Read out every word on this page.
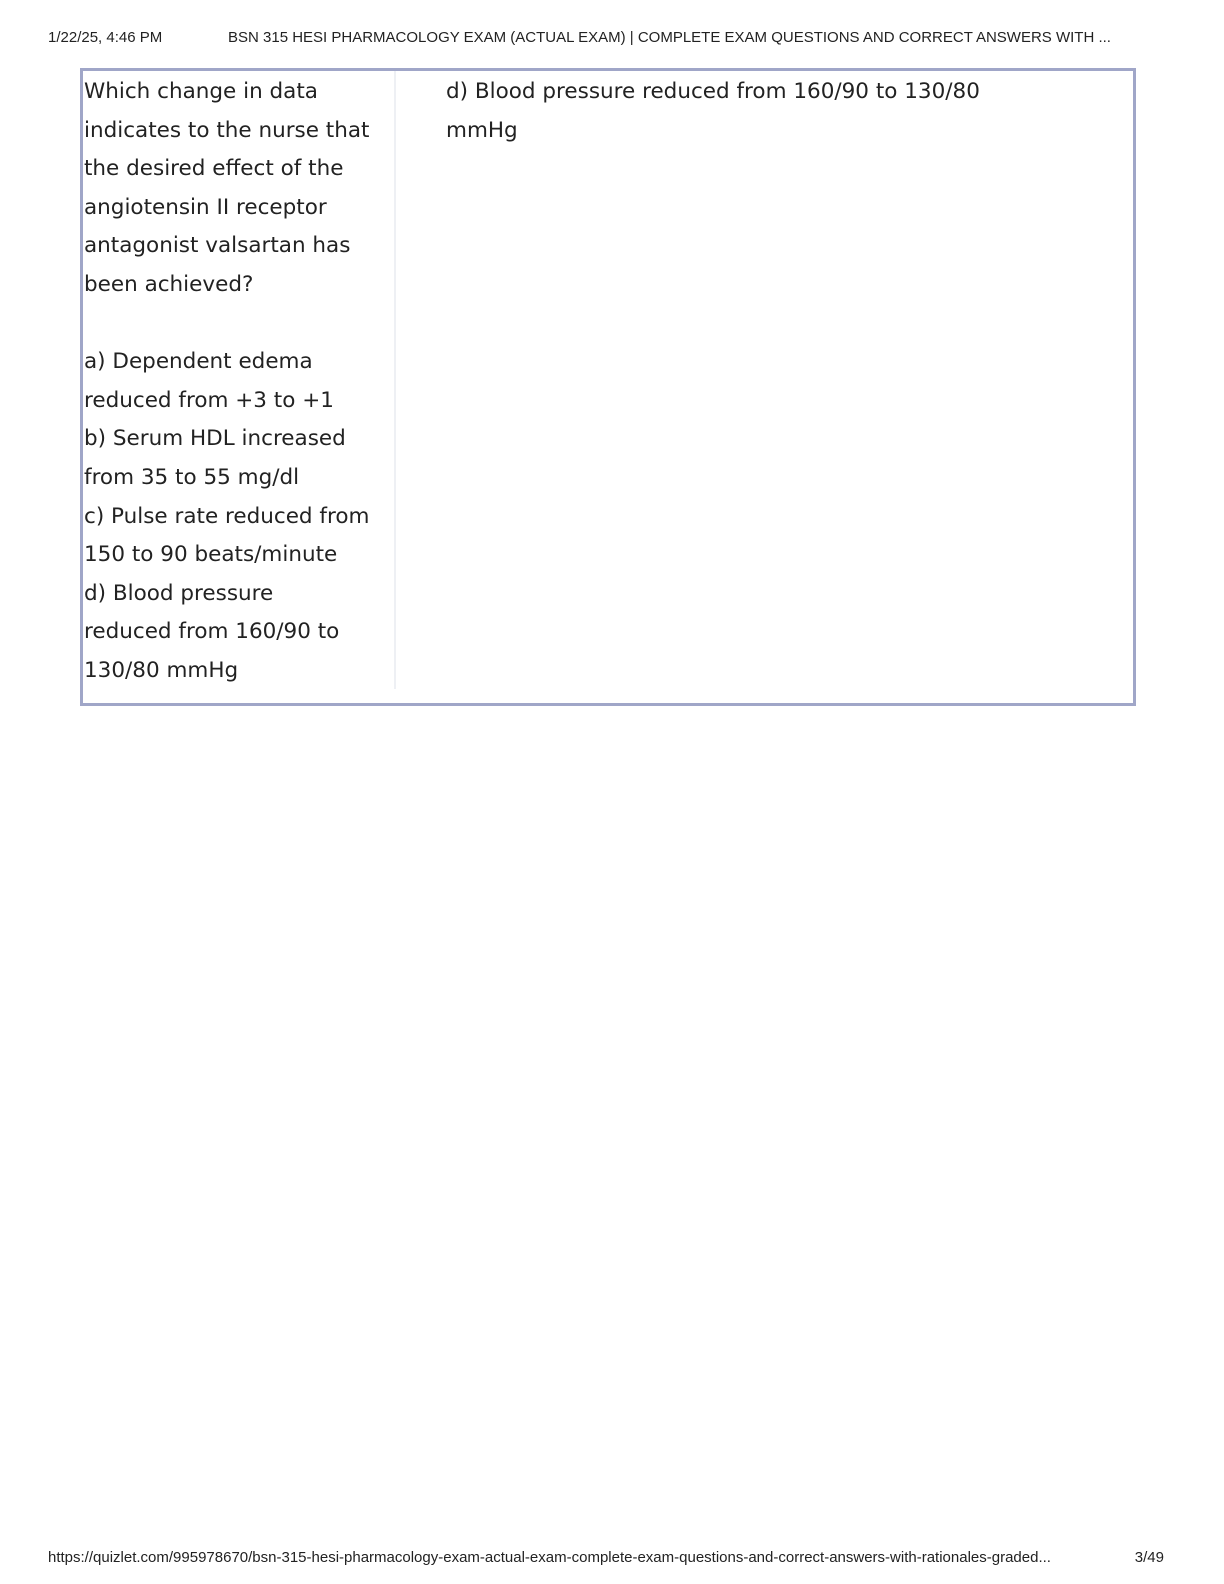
1/22/25, 4:46 PM	BSN 315 HESI PHARMACOLOGY EXAM (ACTUAL EXAM) | COMPLETE EXAM QUESTIONS AND CORRECT ANSWERS WITH ...

Which change in data
indicates to the nurse that
the desired effect of the
angiotensin II receptor
antagonist valsartan has
been achieved?

a) Dependent edema
reduced from +3 to +1
b) Serum HDL increased
from 35 to 55 mg/dl
c) Pulse rate reduced from
150 to 90 beats/minute
d) Blood pressure
reduced from 160/90 to
130/80 mmHg

d) Blood pressure reduced from 160/90 to 130/80
mmHg

https://quizlet.com/995978670/bsn-315-hesi-pharmacology-exam-actual-exam-complete-exam-questions-and-correct-answers-with-rationales-graded...	3/49
